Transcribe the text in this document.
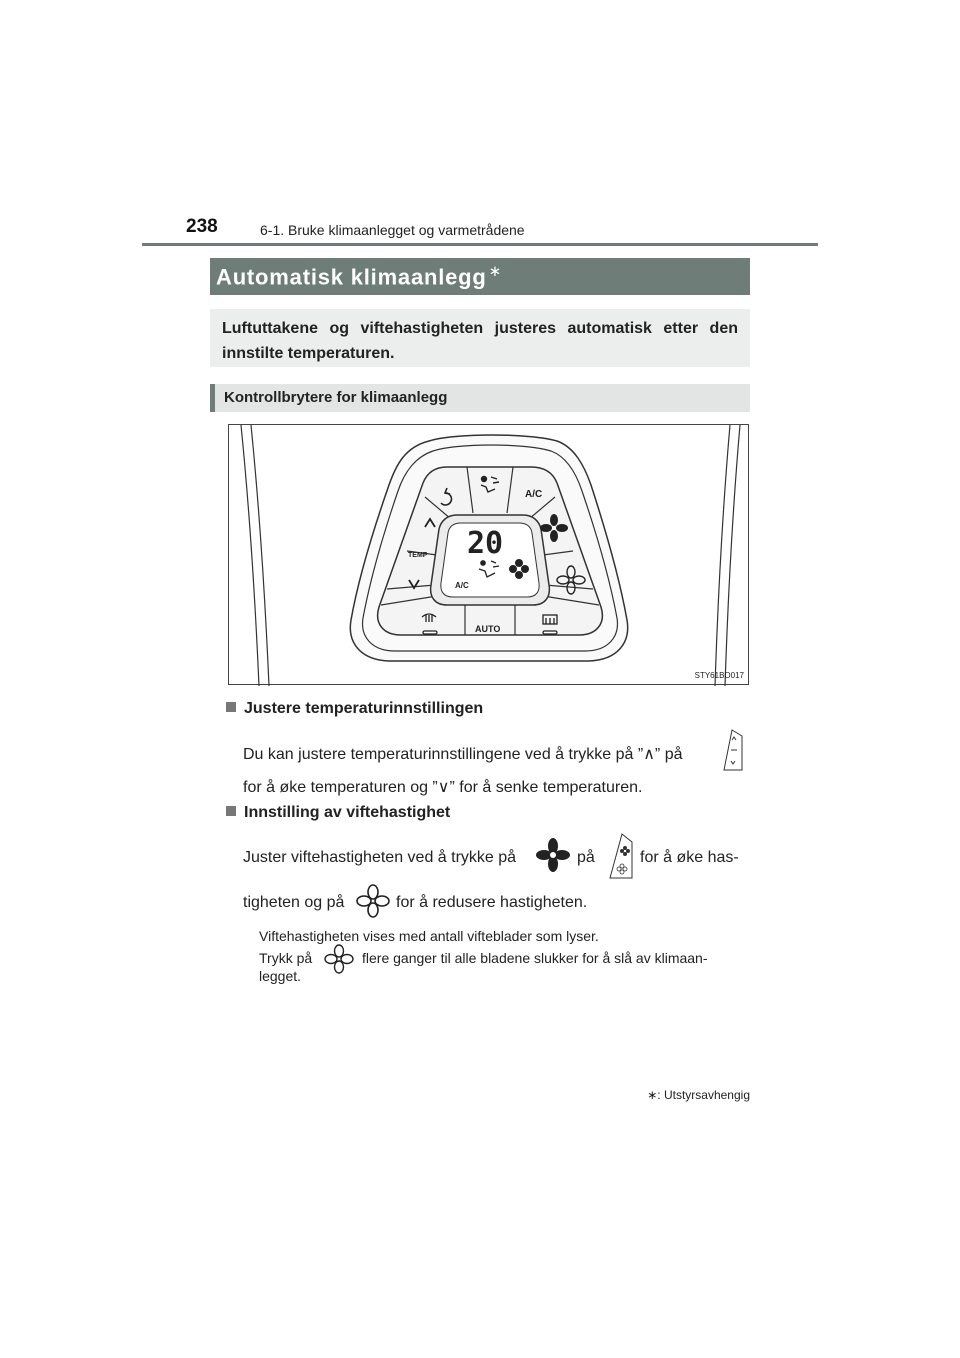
238	6-1. Bruke klimaanlegget og varmetrådene
Automatisk klimaanlegg ∗
Luftuttakene og viftehastigheten justeres automatisk etter den innstilte temperaturen.
Kontrollbrytere for klimaanlegg
20
A/C
A/C
TEMP
AUTO
STY61BO017
Justere temperaturinnstillingen
Du kan justere temperaturinnstillingene ved å trykke på ”∧” på
for å øke temperaturen og ”∨” for å senke temperaturen.
Innstilling av viftehastighet
Juster viftehastigheten ved å trykke på	på	for å øke has-
tigheten og på	for å redusere hastigheten.
Viftehastigheten vises med antall vifteblader som lyser.
Trykk på	flere ganger til alle bladene slukker for å slå av klimaan-
legget.
∗: Utstyrsavhengig
